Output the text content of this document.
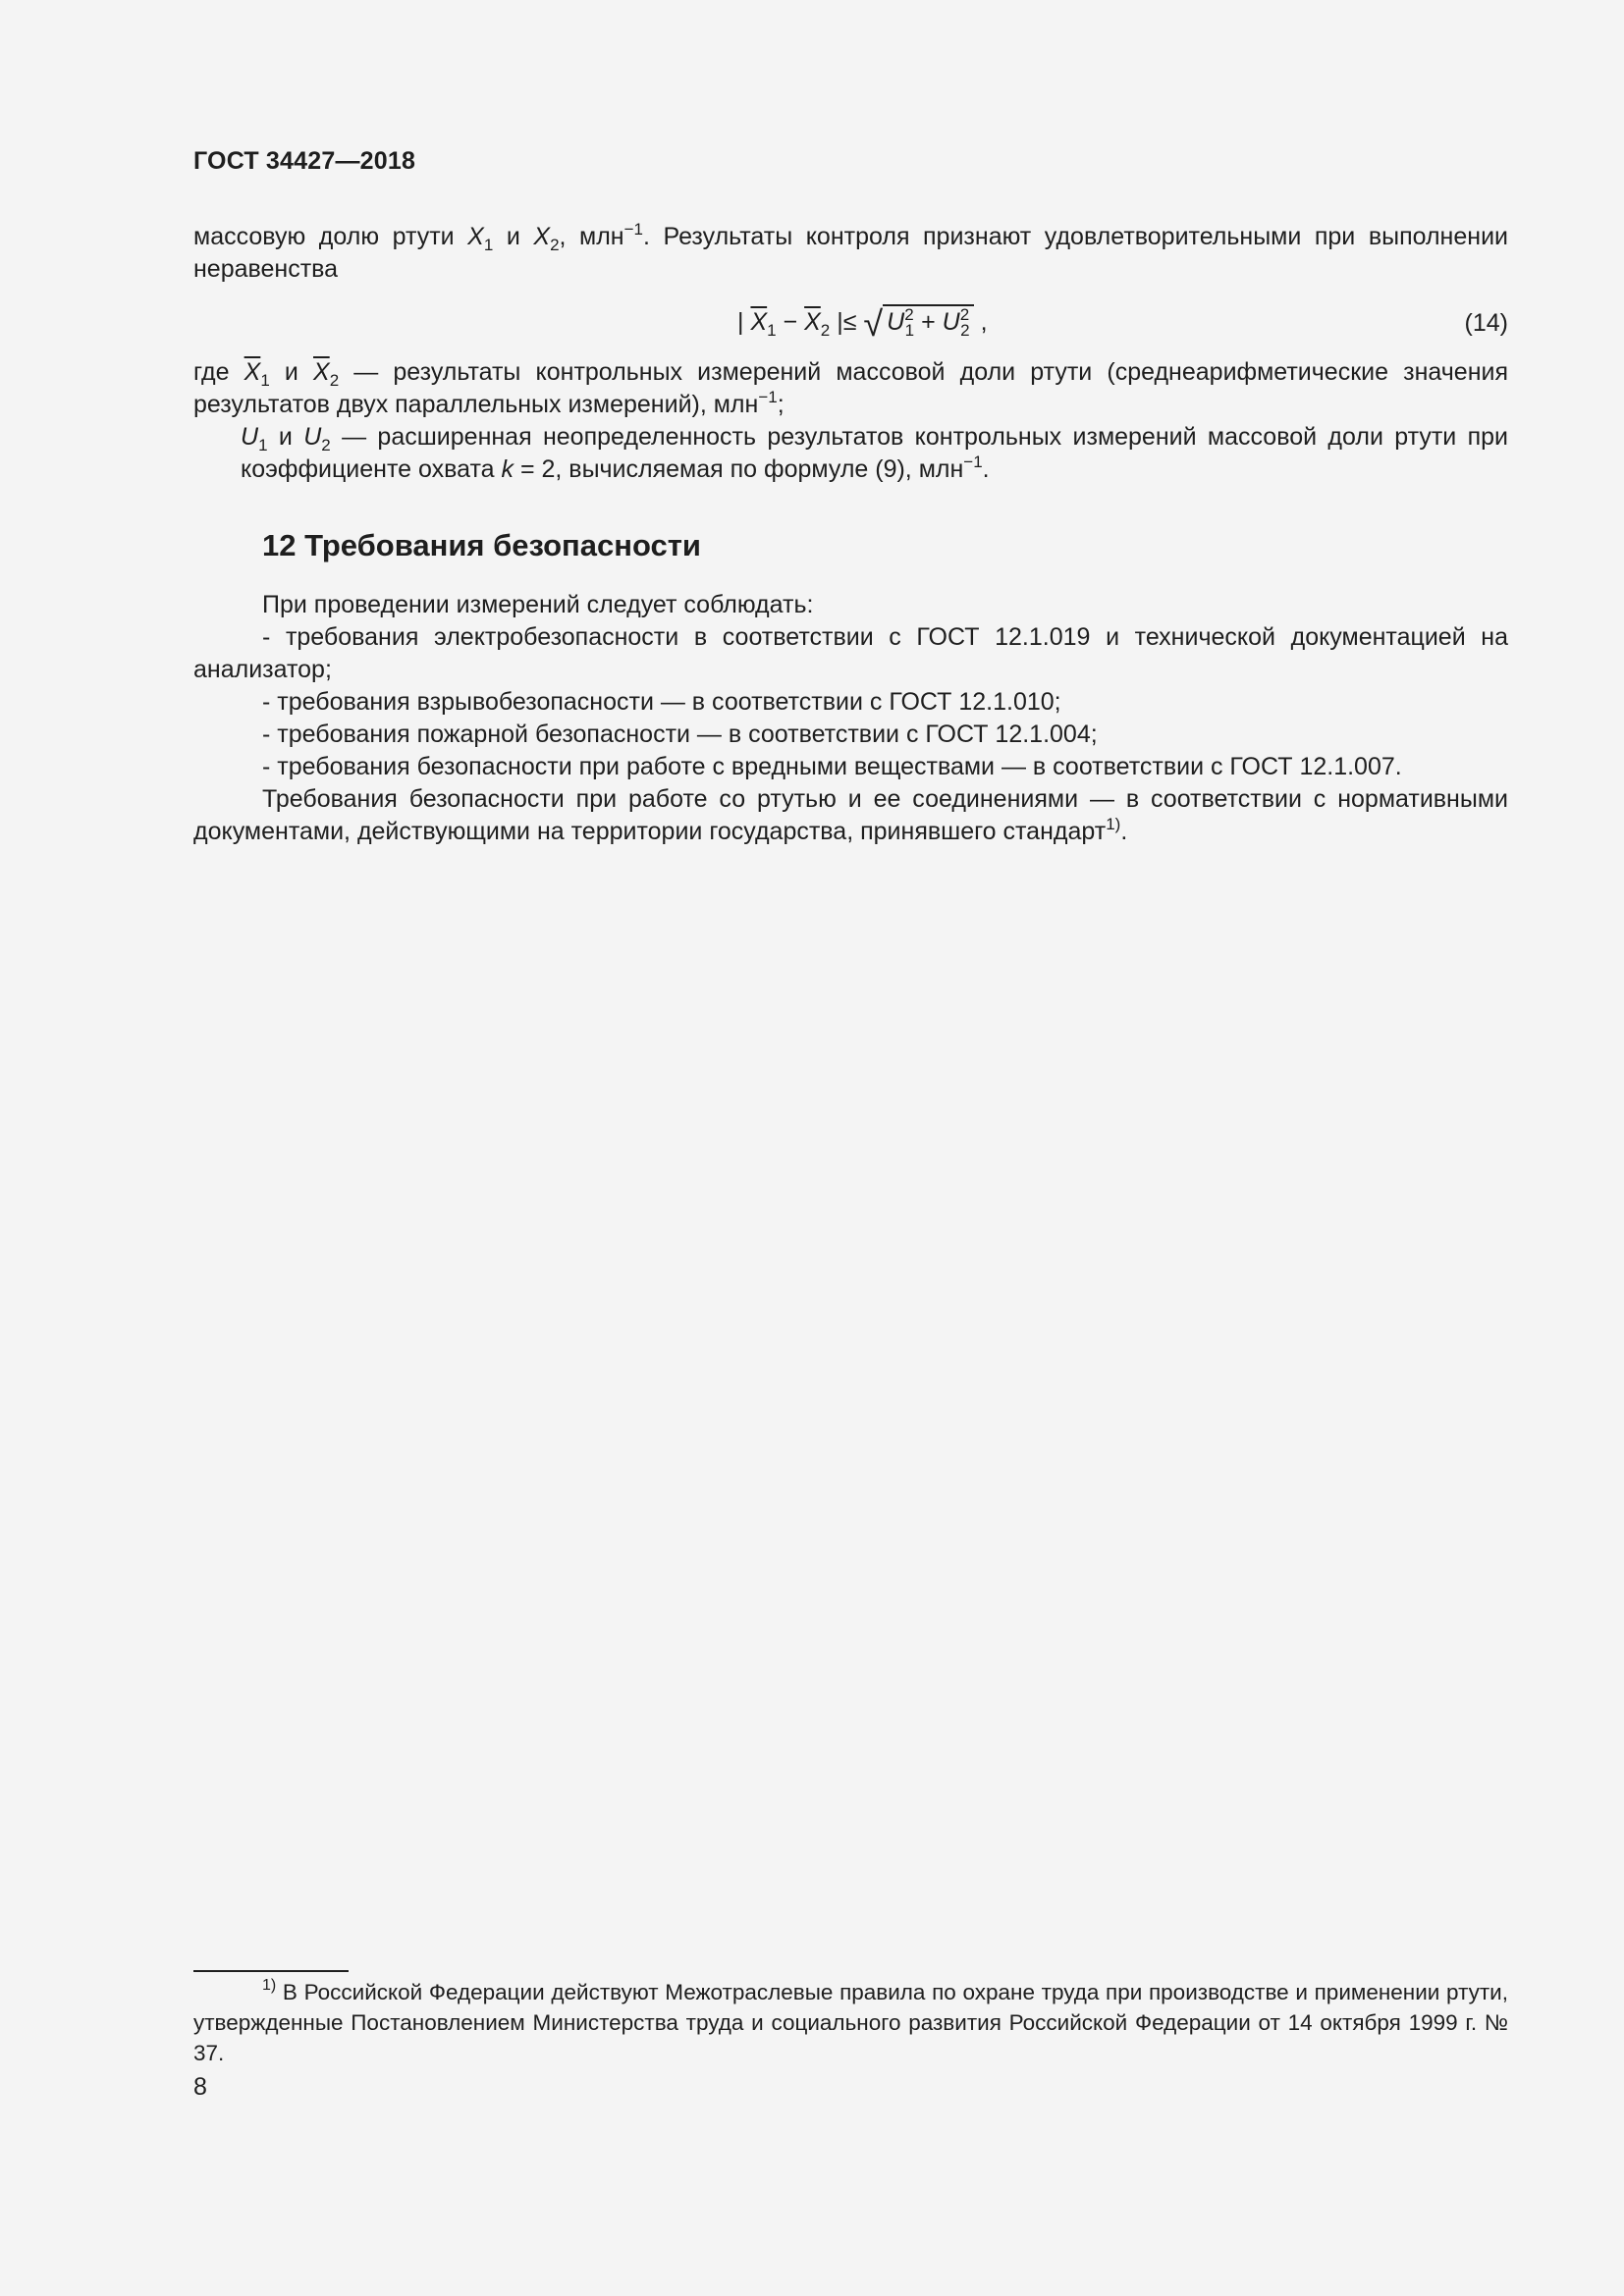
ГОСТ 34427—2018
массовую долю ртути $X_1$ и $X_2$, млн$^{-1}$. Результаты контроля признают удовлетворительными при выполнении неравенства
| $\overline{X}_1 - \overline{X}_2$ |≤ √ $U^2_1 + U^2_2$ ,	(14)
где $\overline{X}_1$ и $\overline{X}_2$ — результаты контрольных измерений массовой доли ртути (среднеарифметические значения результатов двух параллельных измерений), млн$^{-1}$;
$U_1$ и $U_2$ — расширенная неопределенность результатов контрольных измерений массовой доли ртути при коэффициенте охвата k = 2, вычисляемая по формуле (9), млн$^{-1}$.
12 Требования безопасности

При проведении измерений следует соблюдать:

- требования электробезопасности в соответствии с ГОСТ 12.1.019 и технической документацией на анализатор;

- требования взрывобезопасности — в соответствии с ГОСТ 12.1.010;

- требования пожарной безопасности — в соответствии с ГОСТ 12.1.004;

- требования безопасности при работе с вредными веществами — в соответствии с ГОСТ 12.1.007.

Требования безопасности при работе со ртутью и ее соединениями — в соответствии с нормативными документами, действующими на территории государства, принявшего стандарт$^{1)}$.

$^{1)}$ В Российской Федерации действуют Межотраслевые правила по охране труда при производстве и применении ртути, утвержденные Постановлением Министерства труда и социального развития Российской Федерации от 14 октября 1999 г. № 37.
8
